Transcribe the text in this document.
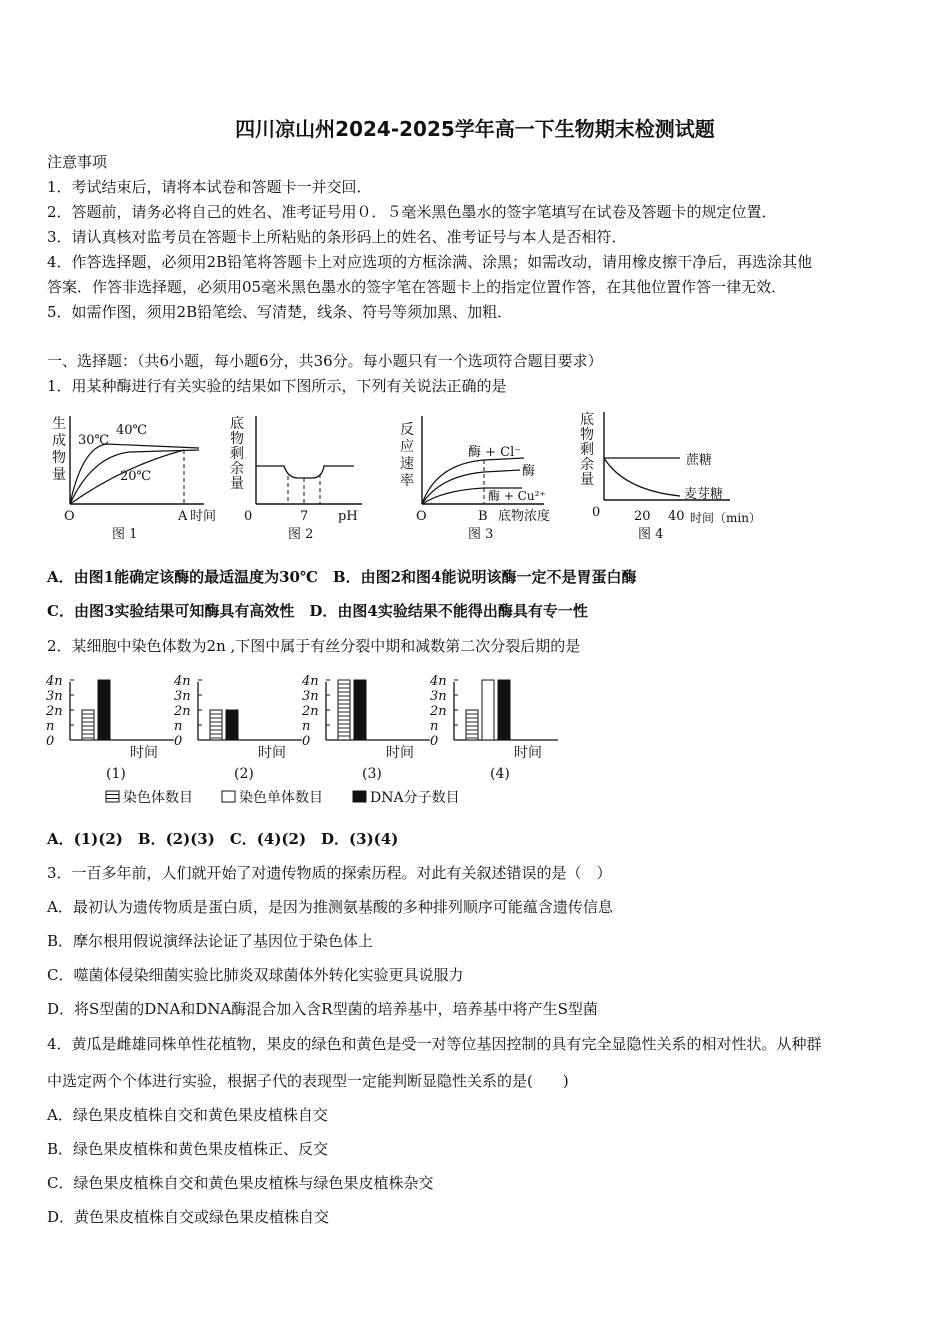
四川凉山州2024-2025学年高一下生物期末检测试题
注意事项
1．考试结束后，请将本试卷和答题卡一并交回．
2．答题前，请务必将自己的姓名、准考证号用０．５毫米黑色墨水的签字笔填写在试卷及答题卡的规定位置．
3．请认真核对监考员在答题卡上所粘贴的条形码上的姓名、准考证号与本人是否相符．
4．作答选择题，必须用2B铅笔将答题卡上对应选项的方框涂满、涂黑；如需改动，请用橡皮擦干净后，再选涂其他
答案．作答非选择题，必须用05毫米黑色墨水的签字笔在答题卡上的指定位置作答，在其他位置作答一律无效．
5．如需作图，须用2B铅笔绘、写清楚，线条、符号等须加黑、加粗．
一、选择题：（共6小题，每小题6分，共36分。每小题只有一个选项符合题目要求）
1．用某种酶进行有关实验的结果如下图所示，下列有关说法正确的是
生
成
物
量
30℃
40℃
20℃
O	A 时间
图 1
底
物
剩
余
量
0	7 pH
图 2
反
应
速
率
酶 + Cl⁻
酶
酶 + Cu²⁺
O	B 底物浓度
图 3
底
物
剩
余
量
蔗糖
麦芽糖
0	20 40 时间（min）
图 4
A．由图1能确定该酶的最适温度为30℃　B．由图2和图4能说明该酶一定不是胃蛋白酶
C．由图3实验结果可知酶具有高效性　D．由图4实验结果不能得出酶具有专一性
2．某细胞中染色体数为2n ,下图中属于有丝分裂中期和减数第二次分裂后期的是
4n
3n
2n
n
0
时间
(1)
4n
3n
2n
n
0
时间
(2)
4n
3n
2n
n
0
时间
(3)
4n
3n
2n
n
0
时间
(4)
染色体数目	染色单体数目	DNA分子数目
A．(1)(2)　B．(2)(3)　C．(4)(2)　D．(3)(4)
3．一百多年前，人们就开始了对遗传物质的探索历程。对此有关叙述错误的是（　）
A．最初认为遗传物质是蛋白质，是因为推测氨基酸的多种排列顺序可能蕴含遗传信息
B．摩尔根用假说演绎法论证了基因位于染色体上
C．噬菌体侵染细菌实验比肺炎双球菌体外转化实验更具说服力
D．将S型菌的DNA和DNA酶混合加入含R型菌的培养基中，培养基中将产生S型菌
4．黄瓜是雌雄同株单性花植物，果皮的绿色和黄色是受一对等位基因控制的具有完全显隐性关系的相对性状。从种群
中选定两个个体进行实验，根据子代的表现型一定能判断显隐性关系的是(　　)
A．绿色果皮植株自交和黄色果皮植株自交
B．绿色果皮植株和黄色果皮植株正、反交
C．绿色果皮植株自交和黄色果皮植株与绿色果皮植株杂交
D．黄色果皮植株自交或绿色果皮植株自交
